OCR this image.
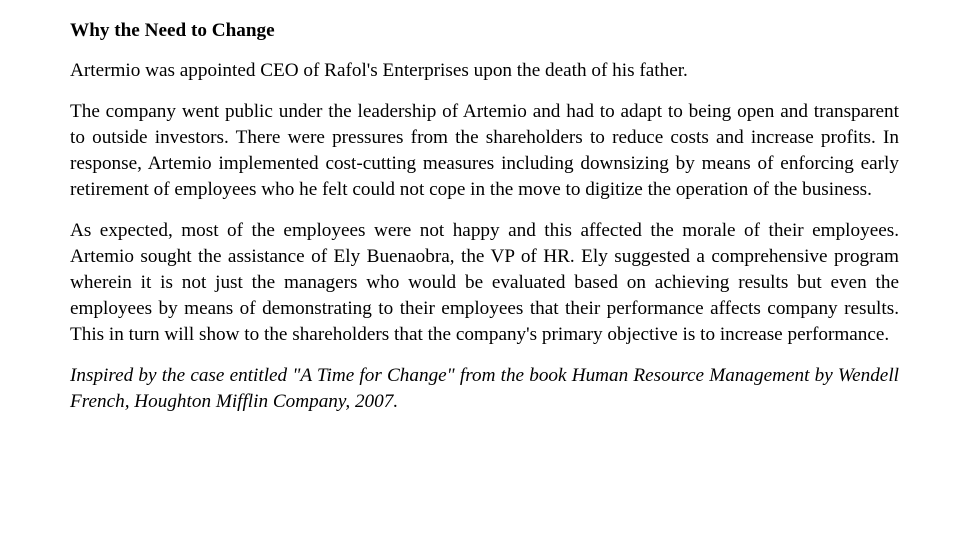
Why the Need to Change

Artermio was appointed CEO of Rafol's Enterprises upon the death of his father.

The company went public under the leadership of Artemio and had to adapt to being open and transparent to outside investors. There were pressures from the shareholders to reduce costs and increase profits. In response, Artemio implemented cost-cutting measures including downsizing by means of enforcing early retirement of employees who he felt could not cope in the move to digitize the operation of the business.

As expected, most of the employees were not happy and this affected the morale of their employees. Artemio sought the assistance of Ely Buenaobra, the VP of HR. Ely suggested a comprehensive program wherein it is not just the managers who would be evaluated based on achieving results but even the employees by means of demonstrating to their employees that their performance affects company results. This in turn will show to the shareholders that the company's primary objective is to increase performance.

Inspired by the case entitled "A Time for Change" from the book Human Resource Management by Wendell French, Houghton Mifflin Company, 2007.
